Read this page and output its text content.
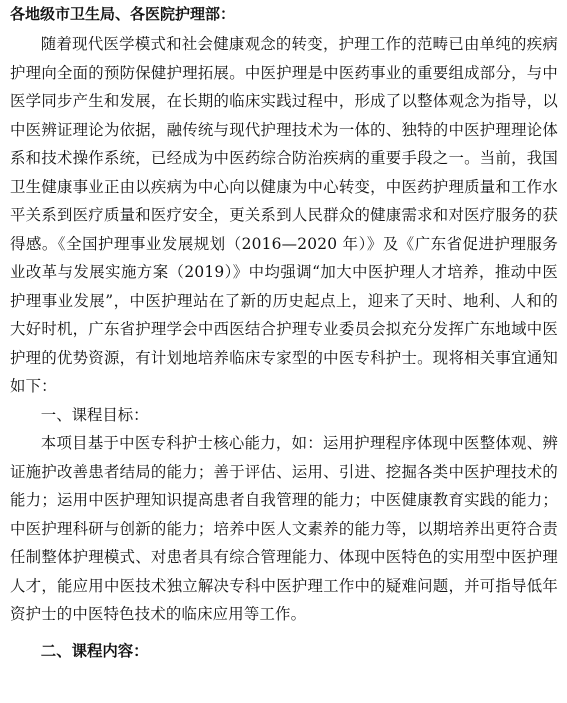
各地级市卫生局、各医院护理部：

随着现代医学模式和社会健康观念的转变，护理工作的范畴已由单纯的疾病护理向全面的预防保健护理拓展。中医护理是中医药事业的重要组成部分，与中医学同步产生和发展，在长期的临床实践过程中，形成了以整体观念为指导，以中医辨证理论为依据，融传统与现代护理技术为一体的、独特的中医护理理论体系和技术操作系统，已经成为中医药综合防治疾病的重要手段之一。当前，我国卫生健康事业正由以疾病为中心向以健康为中心转变，中医药护理质量和工作水平关系到医疗质量和医疗安全，更关系到人民群众的健康需求和对医疗服务的获得感。《全国护理事业发展规划（2016—2020 年）》及《广东省促进护理服务业改革与发展实施方案（2019）》中均强调“加大中医护理人才培养，推动中医护理事业发展”，中医护理站在了新的历史起点上，迎来了天时、地利、人和的大好时机，广东省护理学会中西医结合护理专业委员会拟充分发挥广东地域中医护理的优势资源，有计划地培养临床专家型的中医专科护士。现将相关事宜通知如下：

一、课程目标：

本项目基于中医专科护士核心能力，如：运用护理程序体现中医整体观、辨证施护改善患者结局的能力；善于评估、运用、引进、挖掘各类中医护理技术的能力；运用中医护理知识提高患者自我管理的能力；中医健康教育实践的能力；中医护理科研与创新的能力；培养中医人文素养的能力等，以期培养出更符合责任制整体护理模式、对患者具有综合管理能力、体现中医特色的实用型中医护理人才，能应用中医技术独立解决专科中医护理工作中的疑难问题，并可指导低年资护士的中医特色技术的临床应用等工作。

二、课程内容：
